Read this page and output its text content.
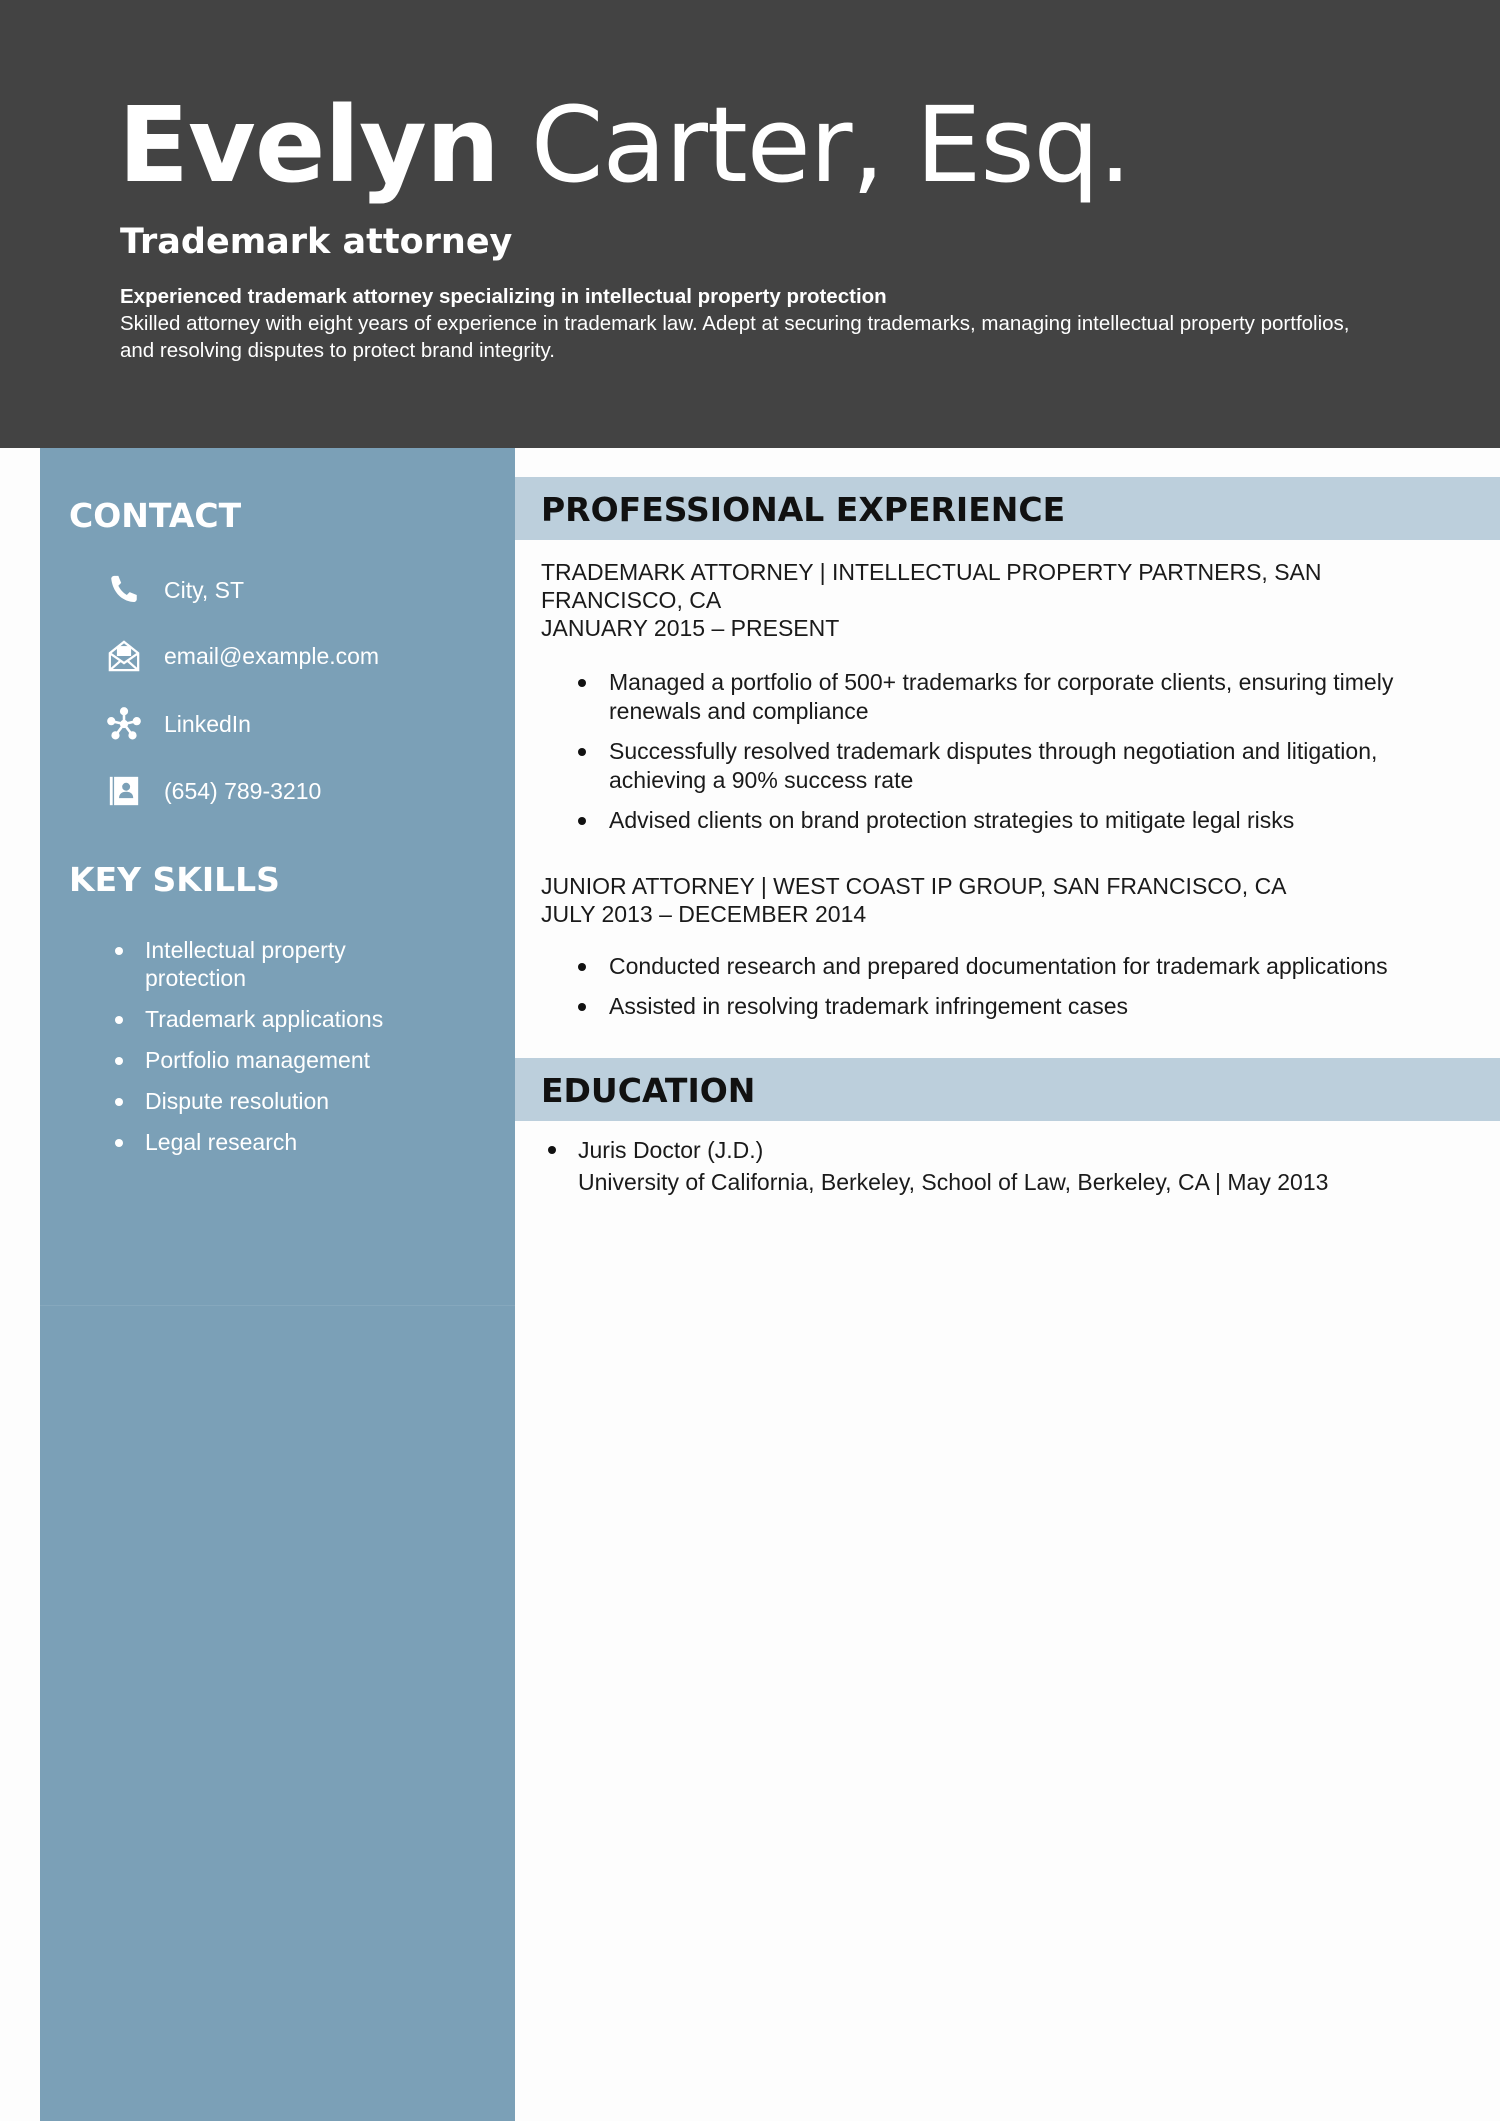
Evelyn Carter, Esq.
Trademark attorney
Experienced trademark attorney specializing in intellectual property protection
Skilled attorney with eight years of experience in trademark law. Adept at securing trademarks, managing intellectual property portfolios, and resolving disputes to protect brand integrity.
CONTACT
City, ST
email@example.com
LinkedIn
(654) 789-3210
KEY SKILLS
Intellectual property protection
Trademark applications
Portfolio management
Dispute resolution
Legal research
PROFESSIONAL EXPERIENCE
TRADEMARK ATTORNEY | INTELLECTUAL PROPERTY PARTNERS, SAN FRANCISCO, CA
JANUARY 2015 – PRESENT
Managed a portfolio of 500+ trademarks for corporate clients, ensuring timely renewals and compliance
Successfully resolved trademark disputes through negotiation and litigation, achieving a 90% success rate
Advised clients on brand protection strategies to mitigate legal risks
JUNIOR ATTORNEY | WEST COAST IP GROUP, SAN FRANCISCO, CA
JULY 2013 – DECEMBER 2014
Conducted research and prepared documentation for trademark applications
Assisted in resolving trademark infringement cases
EDUCATION
Juris Doctor (J.D.)
University of California, Berkeley, School of Law, Berkeley, CA | May 2013
